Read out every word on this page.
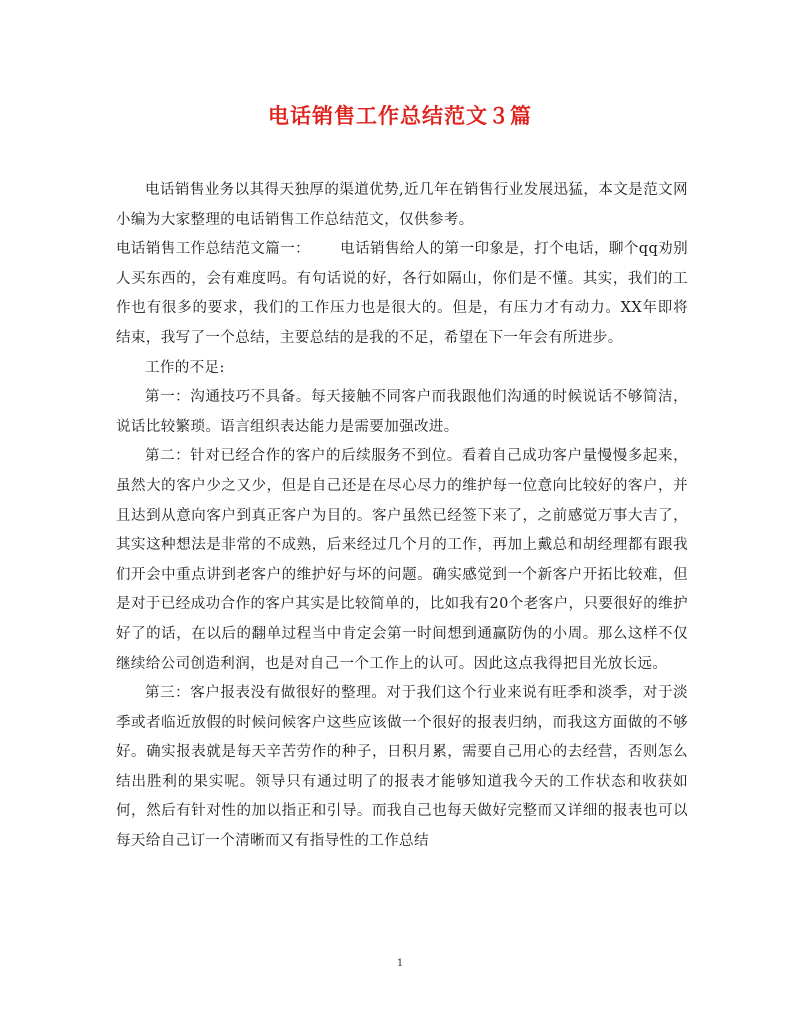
电话销售工作总结范文３篇

电话销售业务以其得天独厚的渠道优势,近几年在销售行业发展迅猛，本文是范文网小编为大家整理的电话销售工作总结范文，仅供参考。

电话销售工作总结范文篇一： 电话销售给人的第一印象是，打个电话，聊个qq劝别人买东西的，会有难度吗。有句话说的好，各行如隔山，你们是不懂。其实，我们的工作也有很多的要求，我们的工作压力也是很大的。但是，有压力才有动力。XX年即将结束，我写了一个总结，主要总结的是我的不足，希望在下一年会有所进步。

工作的不足:

第一：沟通技巧不具备。每天接触不同客户而我跟他们沟通的时候说话不够简洁，说话比较繁琐。语言组织表达能力是需要加强改进。

第二：针对已经合作的客户的后续服务不到位。看着自己成功客户量慢慢多起来，虽然大的客户少之又少，但是自己还是在尽心尽力的维护每一位意向比较好的客户，并且达到从意向客户到真正客户为目的。客户虽然已经签下来了，之前感觉万事大吉了，其实这种想法是非常的不成熟，后来经过几个月的工作，再加上戴总和胡经理都有跟我们开会中重点讲到老客户的维护好与坏的问题。确实感觉到一个新客户开拓比较难，但是对于已经成功合作的客户其实是比较简单的，比如我有20个老客户，只要很好的维护好了的话，在以后的翻单过程当中肯定会第一时间想到通赢防伪的小周。那么这样不仅继续给公司创造利润，也是对自己一个工作上的认可。因此这点我得把目光放长远。

第三：客户报表没有做很好的整理。对于我们这个行业来说有旺季和淡季，对于淡季或者临近放假的时候问候客户这些应该做一个很好的报表归纳，而我这方面做的不够好。确实报表就是每天辛苦劳作的种子，日积月累，需要自己用心的去经营，否则怎么结出胜利的果实呢。领导只有通过明了的报表才能够知道我今天的工作状态和收获如何，然后有针对性的加以指正和引导。而我自己也每天做好完整而又详细的报表也可以每天给自己订一个清晰而又有指导性的工作总结

1
